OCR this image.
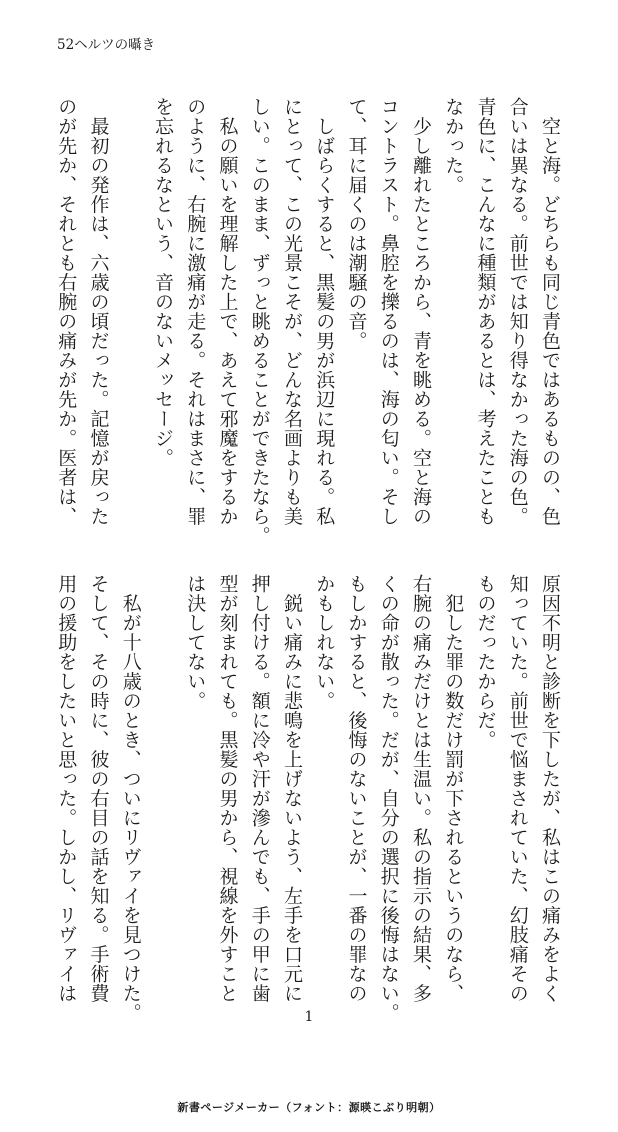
52ヘルツの囁き
　空と海。どちらも同じ青色ではあるものの、色
合いは異なる。前世では知り得なかった海の色。
青色に、こんなに種類があるとは、考えたことも
なかった。
　少し離れたところから、青を眺める。空と海の
コントラスト。鼻腔を擽るのは、海の匂い。そし
て、耳に届くのは潮騒の音。
　しばらくすると、黒髪の男が浜辺に現れる。私
にとって、この光景こそが、どんな名画よりも美
しい。このまま、ずっと眺めることができたなら。
　私の願いを理解した上で、あえて邪魔をするか
のように、右腕に激痛が走る。それはまさに、罪
を忘れるなという、音のないメッセージ。
　最初の発作は、六歳の頃だった。記憶が戻った
のが先か、それとも右腕の痛みが先か。医者は、
原因不明と診断を下したが、私はこの痛みをよく
知っていた。前世で悩まされていた、幻肢痛その
ものだったからだ。
　犯した罪の数だけ罰が下されるというのなら、
右腕の痛みだけとは生温い。私の指示の結果、多
くの命が散った。だが、自分の選択に後悔はない。
もしかすると、後悔のないことが、一番の罪なの
かもしれない。
　鋭い痛みに悲鳴を上げないよう、左手を口元に
押し付ける。額に冷や汗が滲んでも、手の甲に歯
型が刻まれても。黒髪の男から、視線を外すこと
は決してない。
　私が十八歳のとき、ついにリヴァイを見つけた。
そして、その時に、彼の右目の話を知る。手術費
用の援助をしたいと思った。しかし、リヴァイは
1
新書ページメーカー（フォント：源暎こぶり明朝）
